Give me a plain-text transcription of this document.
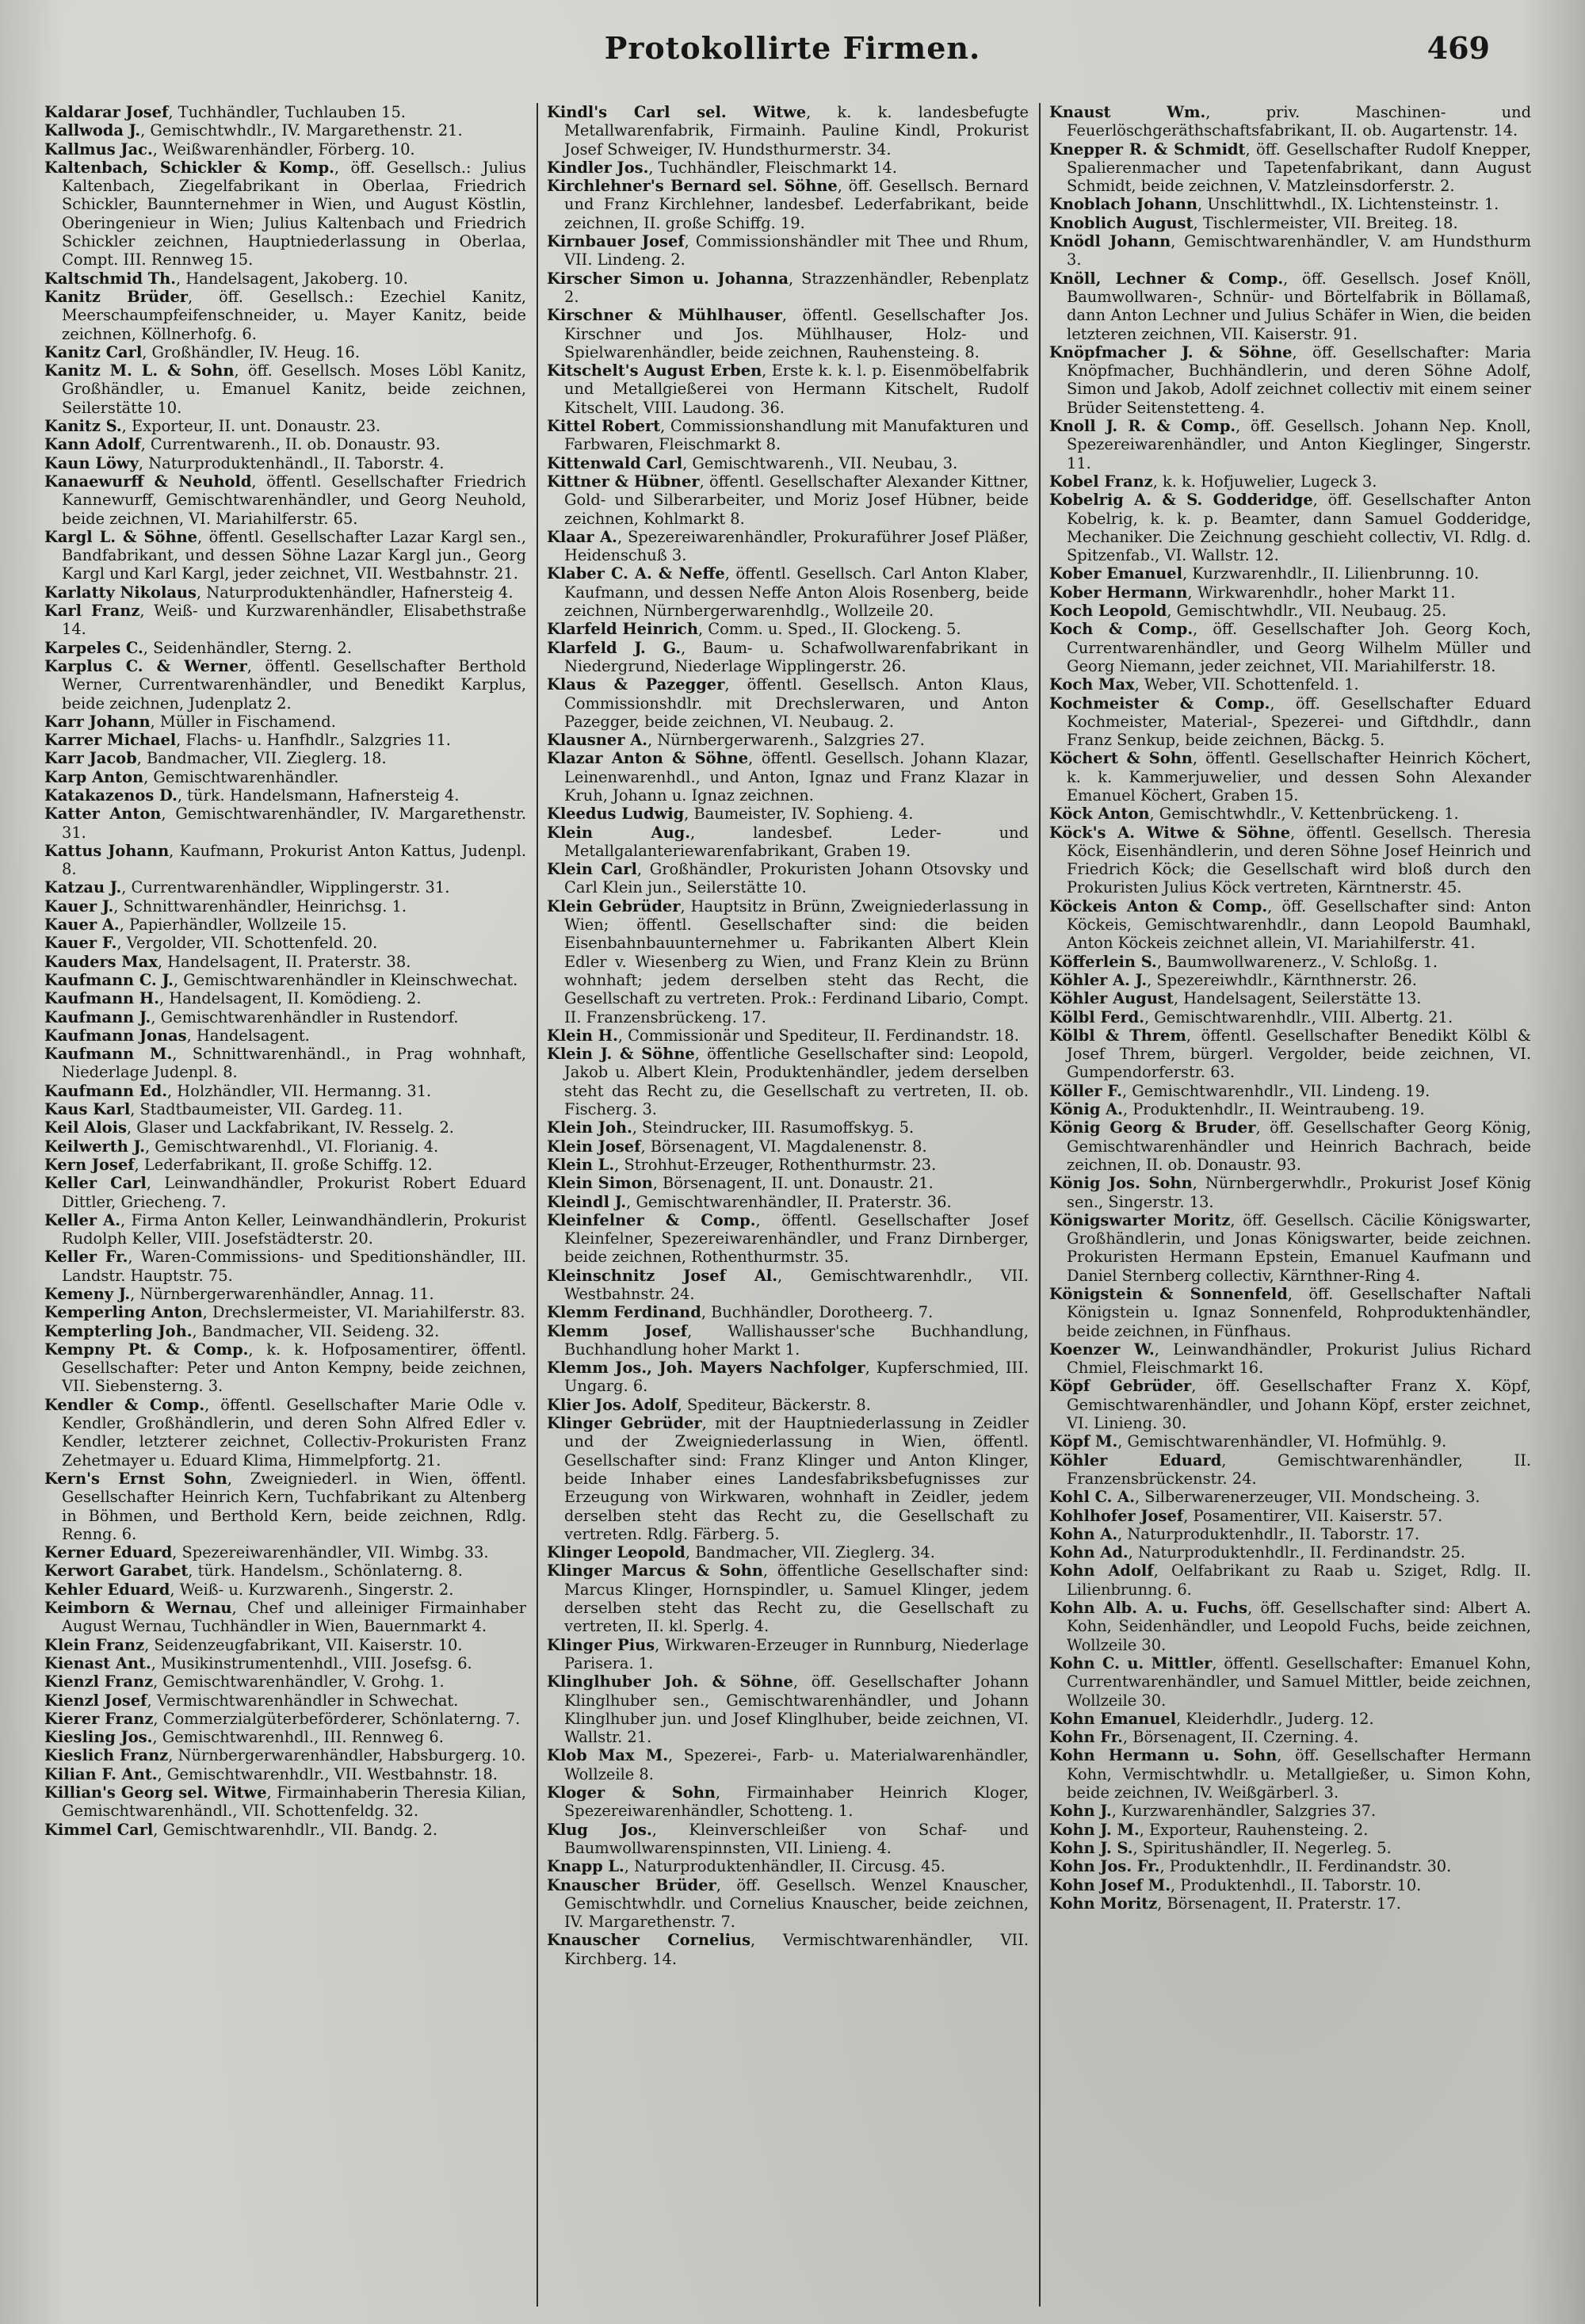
Protokollirte Firmen.	469

Kaldarar Josef, Tuchhändler, Tuchlauben 15.

Kallwoda J., Gemischtwhdlr., IV. Margarethenstr. 21.

Kallmus Jac., Weißwarenhändler, Förberg. 10.

Kaltenbach, Schickler & Komp., öff. Gesellsch.: Julius Kaltenbach, Ziegelfabrikant in Oberlaa, Friedrich Schickler, Baunnternehmer in Wien, und August Köstlin, Oberingenieur in Wien; Julius Kaltenbach und Friedrich Schickler zeichnen, Hauptniederlassung in Oberlaa, Compt. III. Rennweg 15.

Kaltschmid Th., Handelsagent, Jakoberg. 10.

Kanitz Brüder, öff. Gesellsch.: Ezechiel Kanitz, Meerschaumpfeifenschneider, u. Mayer Kanitz, beide zeichnen, Köllnerhofg. 6.

Kanitz Carl, Großhändler, IV. Heug. 16.

Kanitz M. L. & Sohn, öff. Gesellsch. Moses Löbl Kanitz, Großhändler, u. Emanuel Kanitz, beide zeichnen, Seilerstätte 10.

Kanitz S., Exporteur, II. unt. Donaustr. 23.

Kann Adolf, Currentwarenh., II. ob. Donaustr. 93.

Kaun Löwy, Naturproduktenhändl., II. Taborstr. 4.

Kanaewurff & Neuhold, öffentl. Gesellschafter Friedrich Kannewurff, Gemischtwarenhändler, und Georg Neuhold, beide zeichnen, VI. Mariahilferstr. 65.

Kargl L. & Söhne, öffentl. Gesellschafter Lazar Kargl sen., Bandfabrikant, und dessen Söhne Lazar Kargl jun., Georg Kargl und Karl Kargl, jeder zeichnet, VII. Westbahnstr. 21.

Karlatty Nikolaus, Naturproduktenhändler, Hafnersteig 4.

Karl Franz, Weiß- und Kurzwarenhändler, Elisabethstraße 14.

Karpeles C., Seidenhändler, Sterng. 2.

Karplus C. & Werner, öffentl. Gesellschafter Berthold Werner, Currentwarenhändler, und Benedikt Karplus, beide zeichnen, Judenplatz 2.

Karr Johann, Müller in Fischamend.

Karrer Michael, Flachs- u. Hanfhdlr., Salzgries 11.

Karr Jacob, Bandmacher, VII. Zieglerg. 18.

Karp Anton, Gemischtwarenhändler.

Katakazenos D., türk. Handelsmann, Hafnersteig 4.

Katter Anton, Gemischtwarenhändler, IV. Margarethenstr. 31.

Kattus Johann, Kaufmann, Prokurist Anton Kattus, Judenpl. 8.

Katzau J., Currentwarenhändler, Wipplingerstr. 31.

Kauer J., Schnittwarenhändler, Heinrichsg. 1.

Kauer A., Papierhändler, Wollzeile 15.

Kauer F., Vergolder, VII. Schottenfeld. 20.

Kauders Max, Handelsagent, II. Praterstr. 38.

Kaufmann C. J., Gemischtwarenhändler in Kleinschwechat.

Kaufmann H., Handelsagent, II. Komödieng. 2.

Kaufmann J., Gemischtwarenhändler in Rustendorf.

Kaufmann Jonas, Handelsagent.

Kaufmann M., Schnittwarenhändl., in Prag wohnhaft, Niederlage Judenpl. 8.

Kaufmann Ed., Holzhändler, VII. Hermanng. 31.

Kaus Karl, Stadtbaumeister, VII. Gardeg. 11.

Keil Alois, Glaser und Lackfabrikant, IV. Resselg. 2.

Keilwerth J., Gemischtwarenhdl., VI. Florianig. 4.

Kern Josef, Lederfabrikant, II. große Schiffg. 12.

Keller Carl, Leinwandhändler, Prokurist Robert Eduard Dittler, Griecheng. 7.

Keller A., Firma Anton Keller, Leinwandhändlerin, Prokurist Rudolph Keller, VIII. Josefstädterstr. 20.

Keller Fr., Waren-Commissions- und Speditionshändler, III. Landstr. Hauptstr. 75.

Kemeny J., Nürnbergerwarenhändler, Annag. 11.

Kemperling Anton, Drechslermeister, VI. Mariahilferstr. 83.

Kempterling Joh., Bandmacher, VII. Seideng. 32.

Kempny Pt. & Comp., k. k. Hofposamentirer, öffentl. Gesellschafter: Peter und Anton Kempny, beide zeichnen, VII. Siebensterng. 3.

Kendler & Comp., öffentl. Gesellschafter Marie Odle v. Kendler, Großhändlerin, und deren Sohn Alfred Edler v. Kendler, letzterer zeichnet, Collectiv-Prokuristen Franz Zehetmayer u. Eduard Klima, Himmelpfortg. 21.

Kern's Ernst Sohn, Zweigniederl. in Wien, öffentl. Gesellschafter Heinrich Kern, Tuchfabrikant zu Altenberg in Böhmen, und Berthold Kern, beide zeichnen, Rdlg. Renng. 6.

Kerner Eduard, Spezereiwarenhändler, VII. Wimbg. 33.

Kerwort Garabet, türk. Handelsm., Schönlaterng. 8.

Kehler Eduard, Weiß- u. Kurzwarenh., Singerstr. 2.

Keimborn & Wernau, Chef und alleiniger Firmainhaber August Wernau, Tuchhändler in Wien, Bauernmarkt 4.

Klein Franz, Seidenzeugfabrikant, VII. Kaiserstr. 10.

Kienast Ant., Musikinstrumentenhdl., VIII. Josefsg. 6.

Kienzl Franz, Gemischtwarenhändler, V. Grohg. 1.

Kienzl Josef, Vermischtwarenhändler in Schwechat.

Kierer Franz, Commerzialgüterbeförderer, Schönlaterng. 7.

Kiesling Jos., Gemischtwarenhdl., III. Rennweg 6.

Kieslich Franz, Nürnbergerwarenhändler, Habsburgerg. 10.

Kilian F. Ant., Gemischtwarenhdlr., VII. Westbahnstr. 18.

Killian's Georg sel. Witwe, Firmainhaberin Theresia Kilian, Gemischtwarenhändl., VII. Schottenfeldg. 32.

Kimmel Carl, Gemischtwarenhdlr., VII. Bandg. 2.

Kindl's Carl sel. Witwe, k. k. landesbefugte Metallwarenfabrik, Firmainh. Pauline Kindl, Prokurist Josef Schweiger, IV. Hundsthurmerstr. 34.

Kindler Jos., Tuchhändler, Fleischmarkt 14.

Kirchlehner's Bernard sel. Söhne, öff. Gesellsch. Bernard und Franz Kirchlehner, landesbef. Lederfabrikant, beide zeichnen, II. große Schiffg. 19.

Kirnbauer Josef, Commissionshändler mit Thee und Rhum, VII. Lindeng. 2.

Kirscher Simon u. Johanna, Strazzenhändler, Rebenplatz 2.

Kirschner & Mühlhauser, öffentl. Gesellschafter Jos. Kirschner und Jos. Mühlhauser, Holz- und Spielwarenhändler, beide zeichnen, Rauhensteing. 8.

Kitschelt's August Erben, Erste k. k. l. p. Eisenmöbelfabrik und Metallgießerei von Hermann Kitschelt, Rudolf Kitschelt, VIII. Laudong. 36.

Kittel Robert, Commissionshandlung mit Manufakturen und Farbwaren, Fleischmarkt 8.

Kittenwald Carl, Gemischtwarenh., VII. Neubau, 3.

Kittner & Hübner, öffentl. Gesellschafter Alexander Kittner, Gold- und Silberarbeiter, und Moriz Josef Hübner, beide zeichnen, Kohlmarkt 8.

Klaar A., Spezereiwarenhändler, Prokuraführer Josef Pläßer, Heidenschuß 3.

Klaber C. A. & Neffe, öffentl. Gesellsch. Carl Anton Klaber, Kaufmann, und dessen Neffe Anton Alois Rosenberg, beide zeichnen, Nürnbergerwarenhdlg., Wollzeile 20.

Klarfeld Heinrich, Comm. u. Sped., II. Glockeng. 5.

Klarfeld J. G., Baum- u. Schafwollwarenfabrikant in Niedergrund, Niederlage Wipplingerstr. 26.

Klaus & Pazegger, öffentl. Gesellsch. Anton Klaus, Commissionshdlr. mit Drechslerwaren, und Anton Pazegger, beide zeichnen, VI. Neubaug. 2.

Klausner A., Nürnbergerwarenh., Salzgries 27.

Klazar Anton & Söhne, öffentl. Gesellsch. Johann Klazar, Leinenwarenhdl., und Anton, Ignaz und Franz Klazar in Kruh, Johann u. Ignaz zeichnen.

Kleedus Ludwig, Baumeister, IV. Sophieng. 4.

Klein Aug., landesbef. Leder- und Metallgalanteriewarenfabrikant, Graben 19.

Klein Carl, Großhändler, Prokuristen Johann Otsovsky und Carl Klein jun., Seilerstätte 10.

Klein Gebrüder, Hauptsitz in Brünn, Zweigniederlassung in Wien; öffentl. Gesellschafter sind: die beiden Eisenbahnbauunternehmer u. Fabrikanten Albert Klein Edler v. Wiesenberg zu Wien, und Franz Klein zu Brünn wohnhaft; jedem derselben steht das Recht, die Gesellschaft zu vertreten. Prok.: Ferdinand Libario, Compt. II. Franzensbrückeng. 17.

Klein H., Commissionär und Spediteur, II. Ferdinandstr. 18.

Klein J. & Söhne, öffentliche Gesellschafter sind: Leopold, Jakob u. Albert Klein, Produktenhändler, jedem derselben steht das Recht zu, die Gesellschaft zu vertreten, II. ob. Fischerg. 3.

Klein Joh., Steindrucker, III. Rasumoffskyg. 5.

Klein Josef, Börsenagent, VI. Magdalenenstr. 8.

Klein L., Strohhut-Erzeuger, Rothenthurmstr. 23.

Klein Simon, Börsenagent, II. unt. Donaustr. 21.

Kleindl J., Gemischtwarenhändler, II. Praterstr. 36.

Kleinfelner & Comp., öffentl. Gesellschafter Josef Kleinfelner, Spezereiwarenhändler, und Franz Dirnberger, beide zeichnen, Rothenthurmstr. 35.

Kleinschnitz Josef Al., Gemischtwarenhdlr., VII. Westbahnstr. 24.

Klemm Ferdinand, Buchhändler, Dorotheerg. 7.

Klemm Josef, Wallishausser'sche Buchhandlung, Buchhandlung hoher Markt 1.

Klemm Jos., Joh. Mayers Nachfolger, Kupferschmied, III. Ungarg. 6.

Klier Jos. Adolf, Spediteur, Bäckerstr. 8.

Klinger Gebrüder, mit der Hauptniederlassung in Zeidler und der Zweigniederlassung in Wien, öffentl. Gesellschafter sind: Franz Klinger und Anton Klinger, beide Inhaber eines Landesfabriksbefugnisses zur Erzeugung von Wirkwaren, wohnhaft in Zeidler, jedem derselben steht das Recht zu, die Gesellschaft zu vertreten. Rdlg. Färberg. 5.

Klinger Leopold, Bandmacher, VII. Zieglerg. 34.

Klinger Marcus & Sohn, öffentliche Gesellschafter sind: Marcus Klinger, Hornspindler, u. Samuel Klinger, jedem derselben steht das Recht zu, die Gesellschaft zu vertreten, II. kl. Sperlg. 4.

Klinger Pius, Wirkwaren-Erzeuger in Runnburg, Niederlage Parisera. 1.

Klinglhuber Joh. & Söhne, öff. Gesellschafter Johann Klinglhuber sen., Gemischtwarenhändler, und Johann Klinglhuber jun. und Josef Klinglhuber, beide zeichnen, VI. Wallstr. 21.

Klob Max M., Spezerei-, Farb- u. Materialwarenhändler, Wollzeile 8.

Kloger & Sohn, Firmainhaber Heinrich Kloger, Spezereiwarenhändler, Schotteng. 1.

Klug Jos., Kleinverschleißer von Schaf- und Baumwollwarenspinnsten, VII. Linieng. 4.

Knapp L., Naturproduktenhändler, II. Circusg. 45.

Knauscher Brüder, öff. Gesellsch. Wenzel Knauscher, Gemischtwhdlr. und Cornelius Knauscher, beide zeichnen, IV. Margarethenstr. 7.

Knauscher Cornelius, Vermischtwarenhändler, VII. Kirchberg. 14.

Knaust Wm., priv. Maschinen- und Feuerlöschgeräthschaftsfabrikant, II. ob. Augartenstr. 14.

Knepper R. & Schmidt, öff. Gesellschafter Rudolf Knepper, Spalierenmacher und Tapetenfabrikant, dann August Schmidt, beide zeichnen, V. Matzleinsdorferstr. 2.

Knoblach Johann, Unschlittwhdl., IX. Lichtensteinstr. 1.

Knoblich August, Tischlermeister, VII. Breiteg. 18.

Knödl Johann, Gemischtwarenhändler, V. am Hundsthurm 3.

Knöll, Lechner & Comp., öff. Gesellsch. Josef Knöll, Baumwollwaren-, Schnür- und Börtelfabrik in Böllamaß, dann Anton Lechner und Julius Schäfer in Wien, die beiden letzteren zeichnen, VII. Kaiserstr. 91.

Knöpfmacher J. & Söhne, öff. Gesellschafter: Maria Knöpfmacher, Buchhändlerin, und deren Söhne Adolf, Simon und Jakob, Adolf zeichnet collectiv mit einem seiner Brüder Seitenstetteng. 4.

Knoll J. R. & Comp., öff. Gesellsch. Johann Nep. Knoll, Spezereiwarenhändler, und Anton Kieglinger, Singerstr. 11.

Kobel Franz, k. k. Hofjuwelier, Lugeck 3.

Kobelrig A. & S. Godderidge, öff. Gesellschafter Anton Kobelrig, k. k. p. Beamter, dann Samuel Godderidge, Mechaniker. Die Zeichnung geschieht collectiv, VI. Rdlg. d. Spitzenfab., VI. Wallstr. 12.

Kober Emanuel, Kurzwarenhdlr., II. Lilienbrunng. 10.

Kober Hermann, Wirkwarenhdlr., hoher Markt 11.

Koch Leopold, Gemischtwhdlr., VII. Neubaug. 25.

Koch & Comp., öff. Gesellschafter Joh. Georg Koch, Currentwarenhändler, und Georg Wilhelm Müller und Georg Niemann, jeder zeichnet, VII. Mariahilferstr. 18.

Koch Max, Weber, VII. Schottenfeld. 1.

Kochmeister & Comp., öff. Gesellschafter Eduard Kochmeister, Material-, Spezerei- und Giftdhdlr., dann Franz Senkup, beide zeichnen, Bäckg. 5.

Köchert & Sohn, öffentl. Gesellschafter Heinrich Köchert, k. k. Kammerjuwelier, und dessen Sohn Alexander Emanuel Köchert, Graben 15.

Köck Anton, Gemischtwhdlr., V. Kettenbrückeng. 1.

Köck's A. Witwe & Söhne, öffentl. Gesellsch. Theresia Köck, Eisenhändlerin, und deren Söhne Josef Heinrich und Friedrich Köck; die Gesellschaft wird bloß durch den Prokuristen Julius Köck vertreten, Kärntnerstr. 45.

Köckeis Anton & Comp., öff. Gesellschafter sind: Anton Köckeis, Gemischtwarenhdlr., dann Leopold Baumhakl, Anton Köckeis zeichnet allein, VI. Mariahilferstr. 41.

Köfferlein S., Baumwollwarenerz., V. Schloßg. 1.

Köhler A. J., Spezereiwhdlr., Kärnthnerstr. 26.

Köhler August, Handelsagent, Seilerstätte 13.

Kölbl Ferd., Gemischtwarenhdlr., VIII. Albertg. 21.

Kölbl & Threm, öffentl. Gesellschafter Benedikt Kölbl & Josef Threm, bürgerl. Vergolder, beide zeichnen, VI. Gumpendorferstr. 63.

Köller F., Gemischtwarenhdlr., VII. Lindeng. 19.

König A., Produktenhdlr., II. Weintraubeng. 19.

König Georg & Bruder, öff. Gesellschafter Georg König, Gemischtwarenhändler und Heinrich Bachrach, beide zeichnen, II. ob. Donaustr. 93.

König Jos. Sohn, Nürnbergerwhdlr., Prokurist Josef König sen., Singerstr. 13.

Königswarter Moritz, öff. Gesellsch. Cäcilie Königswarter, Großhändlerin, und Jonas Königswarter, beide zeichnen. Prokuristen Hermann Epstein, Emanuel Kaufmann und Daniel Sternberg collectiv, Kärnthner-Ring 4.

Königstein & Sonnenfeld, öff. Gesellschafter Naftali Königstein u. Ignaz Sonnenfeld, Rohproduktenhändler, beide zeichnen, in Fünfhaus.

Koenzer W., Leinwandhändler, Prokurist Julius Richard Chmiel, Fleischmarkt 16.

Köpf Gebrüder, öff. Gesellschafter Franz X. Köpf, Gemischtwarenhändler, und Johann Köpf, erster zeichnet, VI. Linieng. 30.

Köpf M., Gemischtwarenhändler, VI. Hofmühlg. 9.

Köhler Eduard, Gemischtwarenhändler, II. Franzensbrückenstr. 24.

Kohl C. A., Silberwarenerzeuger, VII. Mondscheing. 3.

Kohlhofer Josef, Posamentirer, VII. Kaiserstr. 57.

Kohn A., Naturproduktenhdlr., II. Taborstr. 17.

Kohn Ad., Naturproduktenhdlr., II. Ferdinandstr. 25.

Kohn Adolf, Oelfabrikant zu Raab u. Sziget, Rdlg. II. Lilienbrunng. 6.

Kohn Alb. A. u. Fuchs, öff. Gesellschafter sind: Albert A. Kohn, Seidenhändler, und Leopold Fuchs, beide zeichnen, Wollzeile 30.

Kohn C. u. Mittler, öffentl. Gesellschafter: Emanuel Kohn, Currentwarenhändler, und Samuel Mittler, beide zeichnen, Wollzeile 30.

Kohn Emanuel, Kleiderhdlr., Juderg. 12.

Kohn Fr., Börsenagent, II. Czerning. 4.

Kohn Hermann u. Sohn, öff. Gesellschafter Hermann Kohn, Vermischtwhdlr. u. Metallgießer, u. Simon Kohn, beide zeichnen, IV. Weißgärberl. 3.

Kohn J., Kurzwarenhändler, Salzgries 37.

Kohn J. M., Exporteur, Rauhensteing. 2.

Kohn J. S., Spiritushändler, II. Negerleg. 5.

Kohn Jos. Fr., Produktenhdlr., II. Ferdinandstr. 30.

Kohn Josef M., Produktenhdl., II. Taborstr. 10.

Kohn Moritz, Börsenagent, II. Praterstr. 17.
